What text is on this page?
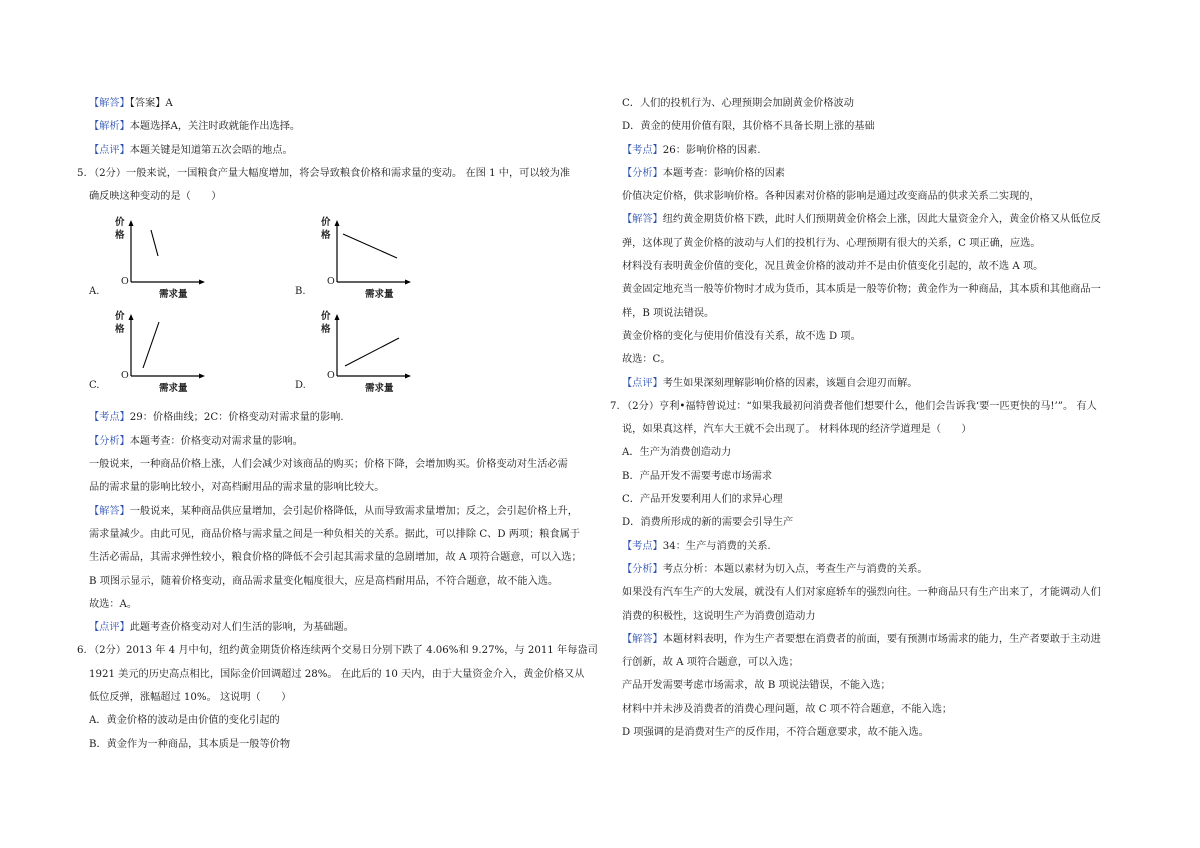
【解答】【答案】A
【解析】本题选择A，关注时政就能作出选择。
【点评】本题关键是知道第五次会晤的地点。
5. （2分）一般来说，一国粮食产量大幅度增加，将会导致粮食价格和需求量的变动。 在图 1 中，可以较为准
确反映这种变动的是（　　）
价格
O
需求量
A.
价格
O
需求量
B.
价格
O
需求量
C.
价格
O
需求量
D.
【考点】29：价格曲线；2C：价格变动对需求量的影响.
【分析】本题考查：价格变动对需求量的影响。
一般说来，一种商品价格上涨，人们会减少对该商品的购买；价格下降，会增加购买。价格变动对生活必需
品的需求量的影响比较小，对高档耐用品的需求量的影响比较大。
【解答】一般说来，某种商品供应量增加，会引起价格降低，从而导致需求量增加；反之，会引起价格上升，
需求量减少。由此可见，商品价格与需求量之间是一种负相关的关系。据此，可以排除 C、D 两项；粮食属于
生活必需品，其需求弹性较小，粮食价格的降低不会引起其需求量的急剧增加，故 A 项符合题意，可以入选；
B 项图示显示，随着价格变动，商品需求量变化幅度很大，应是高档耐用品，不符合题意，故不能入选。
故选：A。
【点评】此题考查价格变动对人们生活的影响，为基础题。
6. （2分）2013 年 4 月中旬，纽约黄金期货价格连续两个交易日分别下跌了 4.06%和 9.27%，与 2011 年每盎司
1921 美元的历史高点相比，国际金价回调超过 28%。 在此后的 10 天内，由于大量资金介入，黄金价格又从
低位反弹，涨幅超过 10%。 这说明（　　）
A．黄金价格的波动是由价值的变化引起的
B．黄金作为一种商品，其本质是一般等价物
C．人们的投机行为、心理预期会加剧黄金价格波动
D．黄金的使用价值有限，其价格不具备长期上涨的基础
【考点】26：影响价格的因素.
【分析】本题考查：影响价格的因素
价值决定价格，供求影响价格。各种因素对价格的影响是通过改变商品的供求关系二实现的，
【解答】纽约黄金期货价格下跌，此时人们预期黄金价格会上涨，因此大量资金介入，黄金价格又从低位反
弹，这体现了黄金价格的波动与人们的投机行为、心理预期有很大的关系，C 项正确，应选。
材料没有表明黄金价值的变化，况且黄金价格的波动并不是由价值变化引起的，故不选 A 项。
黄金固定地充当一般等价物时才成为货币，其本质是一般等价物；黄金作为一种商品，其本质和其他商品一
样，B 项说法错误。
黄金价格的变化与使用价值没有关系，故不选 D 项。
故选：C。
【点评】考生如果深刻理解影响价格的因素，该题自会迎刃而解。
7. （2分）亨利•福特曾说过：“如果我最初问消费者他们想要什么，他们会告诉我‘要一匹更快的马!’”。 有人
说，如果真这样，汽车大王就不会出现了。 材料体现的经济学道理是（　　）
A．生产为消费创造动力
B．产品开发不需要考虑市场需求
C．产品开发要利用人们的求异心理
D．消费所形成的新的需要会引导生产
【考点】34：生产与消费的关系.
【分析】考点分析：本题以素材为切入点，考查生产与消费的关系。
如果没有汽车生产的大发展，就没有人们对家庭轿车的强烈向往。一种商品只有生产出来了，才能调动人们
消费的积极性，这说明生产为消费创造动力
【解答】本题材料表明，作为生产者要想在消费者的前面，要有预测市场需求的能力，生产者要敢于主动进
行创新，故 A 项符合题意，可以入选；
产品开发需要考虑市场需求，故 B 项说法错误，不能入选；
材料中并未涉及消费者的消费心理问题，故 C 项不符合题意，不能入选；
D 项强调的是消费对生产的反作用，不符合题意要求，故不能入选。
